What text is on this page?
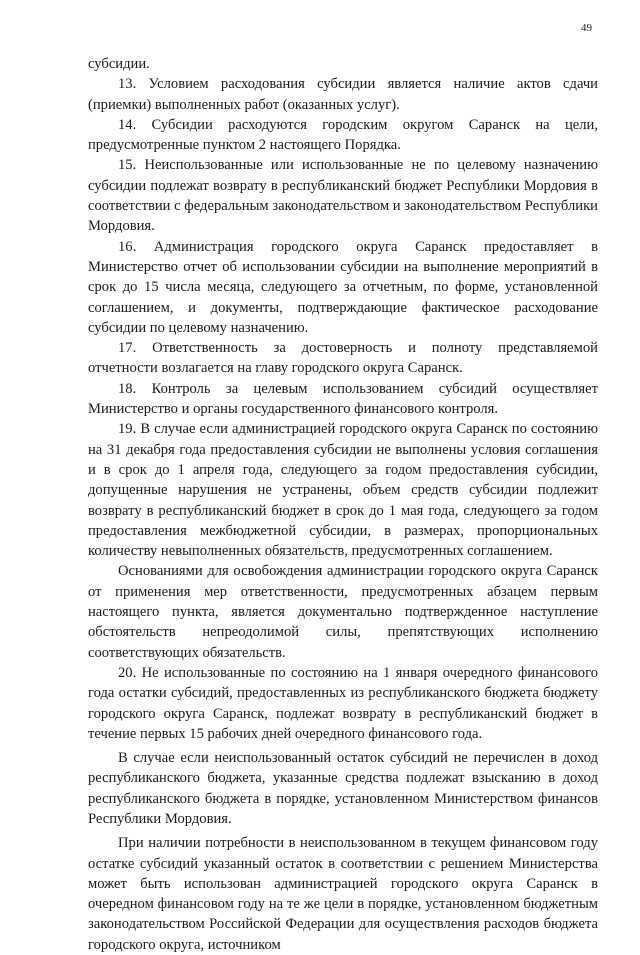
49

субсидии.

13. Условием расходования субсидии является наличие актов сдачи (приемки) выполненных работ (оказанных услуг).

14. Субсидии расходуются городским округом Саранск на цели, предусмотренные пунктом 2 настоящего Порядка.

15. Неиспользованные или использованные не по целевому назначению субсидии подлежат возврату в республиканский бюджет Республики Мордовия в соответствии с федеральным законодательством и законодательством Республики Мордовия.

16. Администрация городского округа Саранск предоставляет в Министерство отчет об использовании субсидии на выполнение мероприятий в срок до 15 числа месяца, следующего за отчетным, по форме, установленной соглашением, и документы, подтверждающие фактическое расходование субсидии по целевому назначению.

17. Ответственность за достоверность и полноту представляемой отчетности возлагается на главу городского округа Саранск.

18. Контроль за целевым использованием субсидий осуществляет Министерство и органы государственного финансового контроля.

19. В случае если администрацией городского округа Саранск по состоянию на 31 декабря года предоставления субсидии не выполнены условия соглашения и в срок до 1 апреля года, следующего за годом предоставления субсидии, допущенные нарушения не устранены, объем средств субсидии подлежит возврату в республиканский бюджет в срок до 1 мая года, следующего за годом предоставления межбюджетной субсидии, в размерах, пропорциональных количеству невыполненных обязательств, предусмотренных соглашением.

Основаниями для освобождения администрации городского округа Саранск от применения мер ответственности, предусмотренных абзацем первым настоящего пункта, является документально подтвержденное наступление обстоятельств непреодолимой силы, препятствующих исполнению соответствующих обязательств.

20. Не использованные по состоянию на 1 января очередного финансового года остатки субсидий, предоставленных из республиканского бюджета бюджету городского округа Саранск, подлежат возврату в республиканский бюджет в течение первых 15 рабочих дней очередного финансового года.

В случае если неиспользованный остаток субсидий не перечислен в доход республиканского бюджета, указанные средства подлежат взысканию в доход республиканского бюджета в порядке, установленном Министерством финансов Республики Мордовия.

При наличии потребности в неиспользованном в текущем финансовом году остатке субсидий указанный остаток в соответствии с решением Министерства может быть использован администрацией городского округа Саранск в очередном финансовом году на те же цели в порядке, установленном бюджетным законодательством Российской Федерации для осуществления расходов бюджета городского округа, источником
